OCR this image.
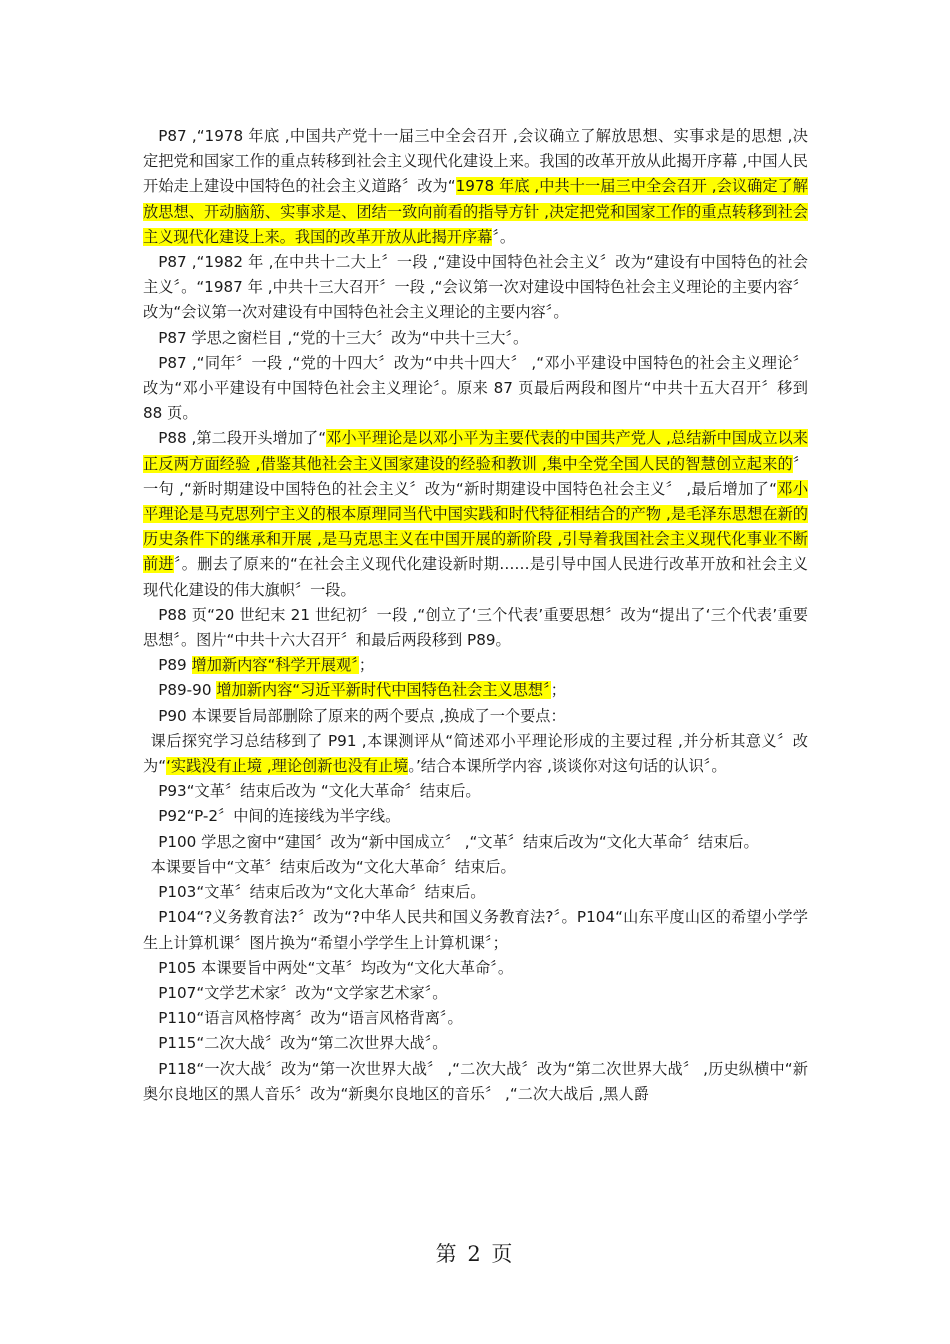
P87 ,“1978 年底 ,中国共产党十一届三中全会召开 ,会议确立了解放思想、实事求是的思想 ,决定把党和国家工作的重点转移到社会主义现代化建设上来。我国的改革开放从此揭开序幕 ,中国人民开始走上建设中国特色的社会主义道路〞改为“1978 年底 ,中共十一届三中全会召开 ,会议确定了解放思想、开动脑筋、实事求是、团结一致向前看的指导方针 ,决定把党和国家工作的重点转移到社会主义现代化建设上来。我国的改革开放从此揭开序幕〞。

P87 ,“1982 年 ,在中共十二大上〞一段 ,“建设中国特色社会主义〞改为“建设有中国特色的社会主义〞。“1987 年 ,中共十三大召开〞一段 ,“会议第一次对建设中国特色社会主义理论的主要内容〞改为“会议第一次对建设有中国特色社会主义理论的主要内容〞。

P87 学思之窗栏目 ,“党的十三大〞改为“中共十三大〞。

P87 ,“同年〞一段 ,“党的十四大〞改为“中共十四大〞 ,“邓小平建设中国特色的社会主义理论〞改为“邓小平建设有中国特色社会主义理论〞。原来 87 页最后两段和图片“中共十五大召开〞移到 88 页。

P88 ,第二段开头增加了“邓小平理论是以邓小平为主要代表的中国共产党人 ,总结新中国成立以来正反两方面经验 ,借鉴其他社会主义国家建设的经验和教训 ,集中全党全国人民的智慧创立起来的〞一句 ,“新时期建设中国特色的社会主义〞改为“新时期建设中国特色社会主义〞 ,最后增加了“邓小平理论是马克思列宁主义的根本原理同当代中国实践和时代特征相结合的产物 ,是毛泽东思想在新的历史条件下的继承和开展 ,是马克思主义在中国开展的新阶段 ,引导着我国社会主义现代化事业不断前进〞。删去了原来的“在社会主义现代化建设新时期……是引导中国人民进行改革开放和社会主义现代化建设的伟大旗帜〞一段。

P88 页“20 世纪末 21 世纪初〞一段 ,“创立了‘三个代表’重要思想〞改为“提出了‘三个代表’重要思想〞。图片“中共十六大召开〞和最后两段移到 P89。

P89 增加新内容“科学开展观〞；

P89-90 增加新内容“习近平新时代中国特色社会主义思想〞；

P90 本课要旨局部删除了原来的两个要点 ,换成了一个要点：

课后探究学习总结移到了 P91 ,本课测评从“简述邓小平理论形成的主要过程 ,并分析其意义〞改为“‘实践没有止境 ,理论创新也没有止境。’结合本课所学内容 ,谈谈你对这句话的认识〞。

P93“文革〞结束后改为 “文化大革命〞结束后。

P92“P-2〞中间的连接线为半字线。

P100 学思之窗中“建国〞改为“新中国成立〞 ,“文革〞结束后改为“文化大革命〞结束后。

本课要旨中“文革〞结束后改为“文化大革命〞结束后。

P103“文革〞结束后改为“文化大革命〞结束后。

P104“?义务教育法?〞改为“?中华人民共和国义务教育法?〞。P104“山东平度山区的希望小学学生上计算机课〞图片换为“希望小学学生上计算机课〞；

P105 本课要旨中两处“文革〞均改为“文化大革命〞。

P107“文学艺术家〞改为“文学家艺术家〞。

P110“语言风格悖离〞改为“语言风格背离〞。

P115“二次大战〞改为“第二次世界大战〞。

P118“一次大战〞改为“第一次世界大战〞 ,“二次大战〞改为“第二次世界大战〞 ,历史纵横中“新奥尔良地区的黑人音乐〞改为“新奥尔良地区的音乐〞 ,“二次大战后 ,黑人爵

第 2 页
